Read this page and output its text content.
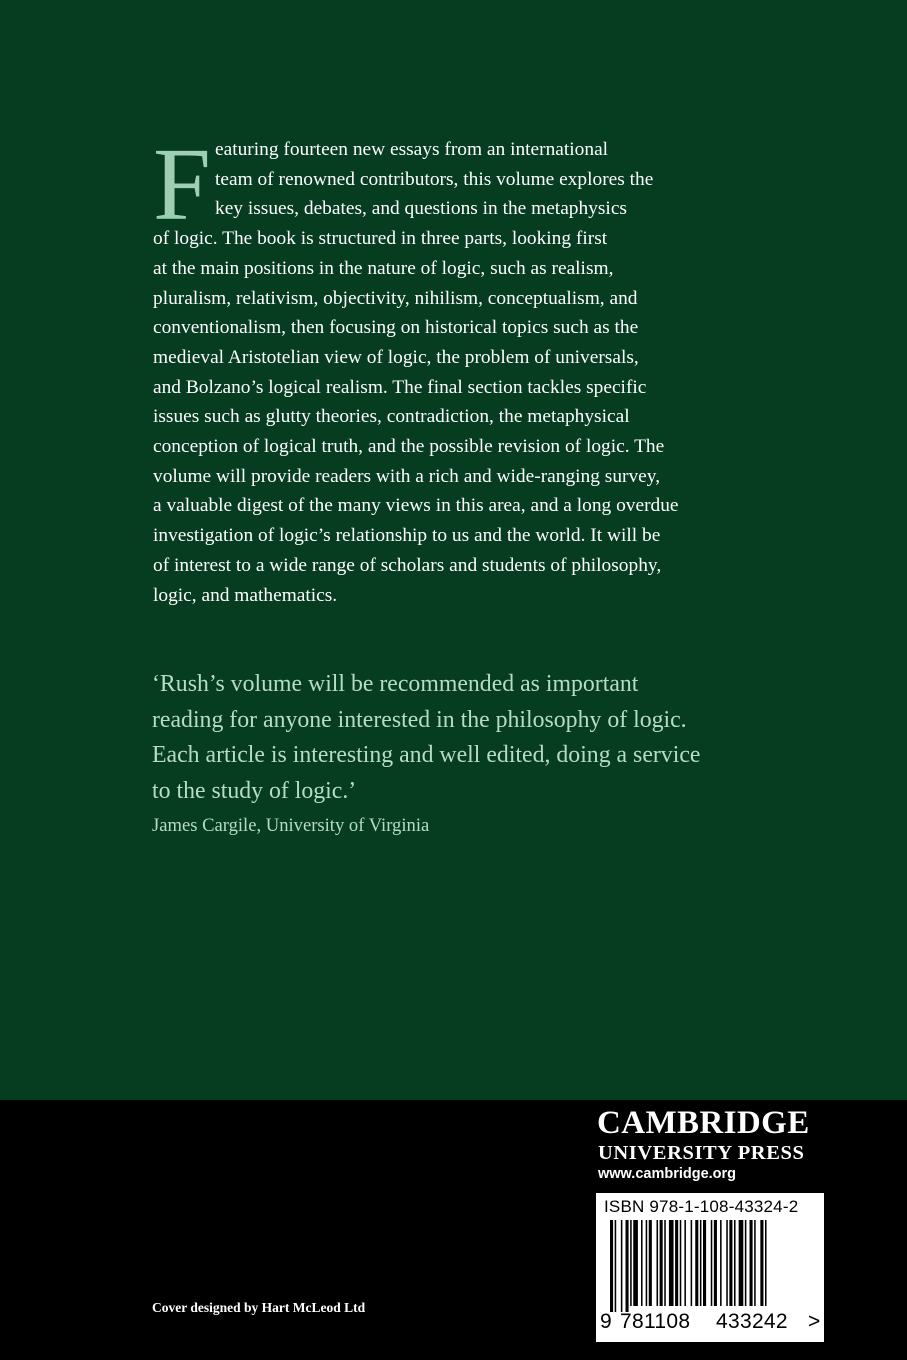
F eaturing fourteen new essays from an international
team of renowned contributors, this volume explores the
key issues, debates, and questions in the metaphysics
of logic. The book is structured in three parts, looking first
at the main positions in the nature of logic, such as realism,
pluralism, relativism, objectivity, nihilism, conceptualism, and
conventionalism, then focusing on historical topics such as the
medieval Aristotelian view of logic, the problem of universals,
and Bolzano’s logical realism. The final section tackles specific
issues such as glutty theories, contradiction, the metaphysical
conception of logical truth, and the possible revision of logic. The
volume will provide readers with a rich and wide-ranging survey,
a valuable digest of the many views in this area, and a long overdue
investigation of logic’s relationship to us and the world. It will be
of interest to a wide range of scholars and students of philosophy,
logic, and mathematics.
‘Rush’s volume will be recommended as important
reading for anyone interested in the philosophy of logic.
Each article is interesting and well edited, doing a service
to the study of logic.’
James Cargile, University of Virginia
CAMBRIDGE
UNIVERSITY PRESS
www.cambridge.org
ISBN 978-1-108-43324-2
9 781108 433242 >
Cover designed by Hart McLeod Ltd
